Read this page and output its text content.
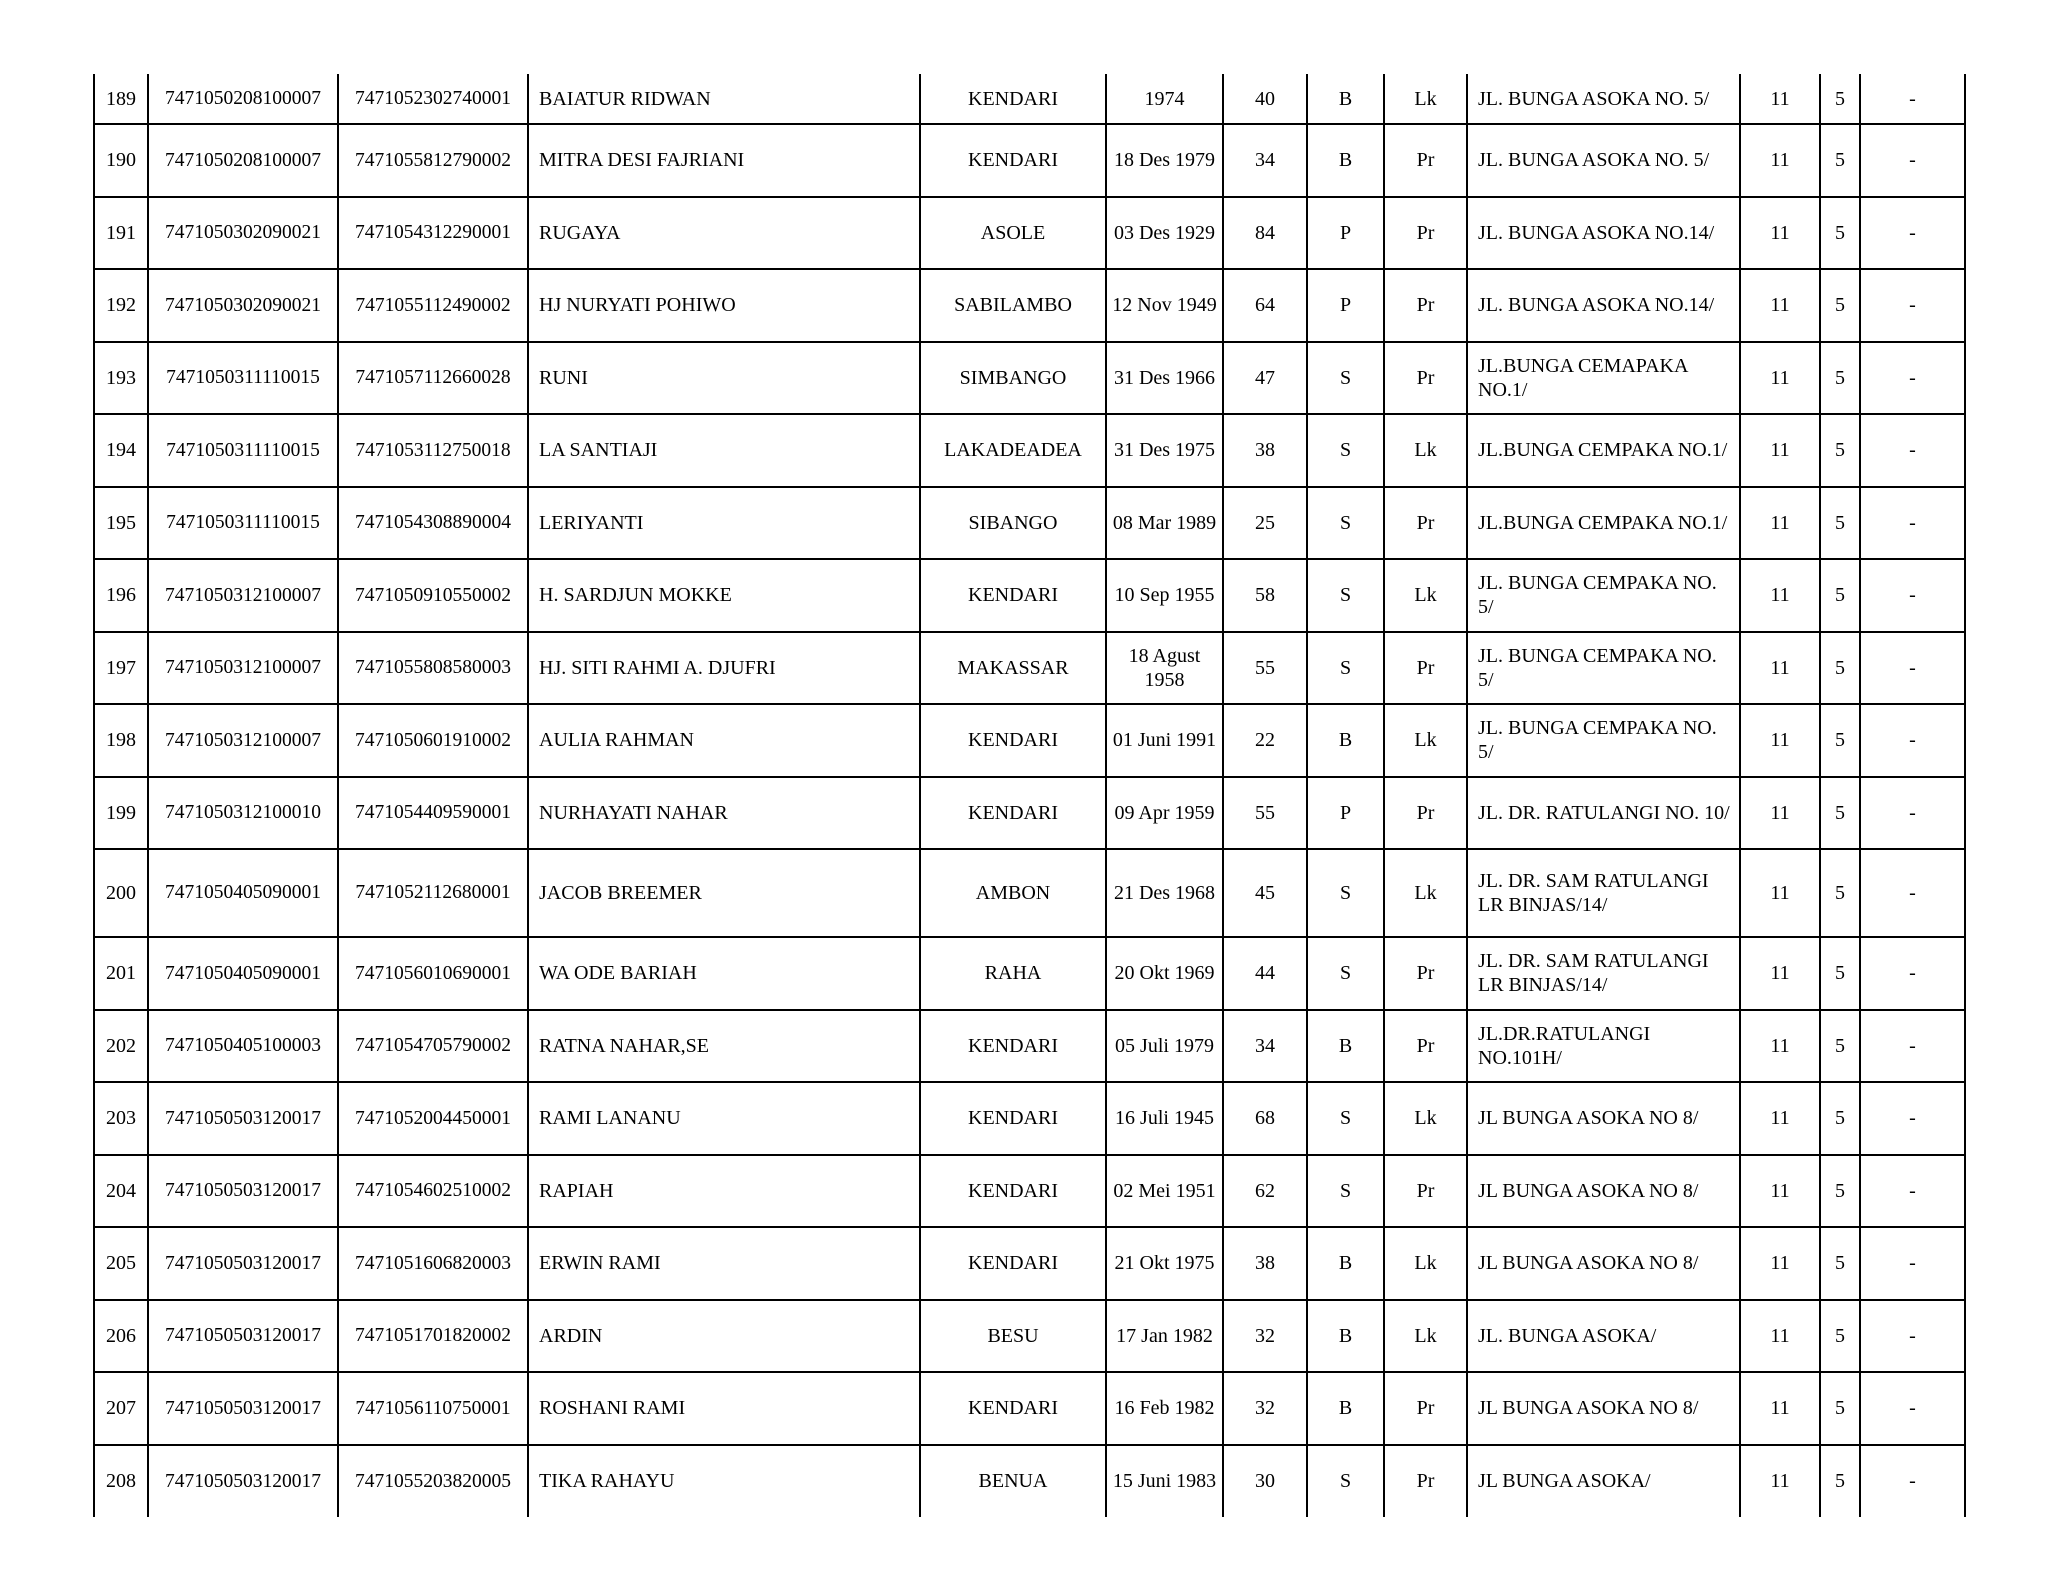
189	7471050208100007	7471052302740001	BAIATUR RIDWAN	KENDARI	1974	40	B	Lk	JL. BUNGA ASOKA NO. 5/	11	5	-
190	7471050208100007	7471055812790002	MITRA DESI FAJRIANI	KENDARI	18 Des 1979	34	B	Pr	JL. BUNGA ASOKA NO. 5/	11	5	-
191	7471050302090021	7471054312290001	RUGAYA	ASOLE	03 Des 1929	84	P	Pr	JL. BUNGA ASOKA NO.14/	11	5	-
192	7471050302090021	7471055112490002	HJ NURYATI POHIWO	SABILAMBO	12 Nov 1949	64	P	Pr	JL. BUNGA ASOKA NO.14/	11	5	-
193	7471050311110015	7471057112660028	RUNI	SIMBANGO	31 Des 1966	47	S	Pr	JL.BUNGA CEMAPAKA NO.1/	11	5	-
194	7471050311110015	7471053112750018	LA SANTIAJI	LAKADEADEA	31 Des 1975	38	S	Lk	JL.BUNGA CEMPAKA NO.1/	11	5	-
195	7471050311110015	7471054308890004	LERIYANTI	SIBANGO	08 Mar 1989	25	S	Pr	JL.BUNGA CEMPAKA NO.1/	11	5	-
196	7471050312100007	7471050910550002	H. SARDJUN MOKKE	KENDARI	10 Sep 1955	58	S	Lk	JL. BUNGA CEMPAKA NO. 5/	11	5	-
197	7471050312100007	7471055808580003	HJ. SITI RAHMI A. DJUFRI	MAKASSAR	18 Agust 1958	55	S	Pr	JL. BUNGA CEMPAKA NO. 5/	11	5	-
198	7471050312100007	7471050601910002	AULIA RAHMAN	KENDARI	01 Juni 1991	22	B	Lk	JL. BUNGA CEMPAKA NO. 5/	11	5	-
199	7471050312100010	7471054409590001	NURHAYATI NAHAR	KENDARI	09 Apr 1959	55	P	Pr	JL. DR. RATULANGI NO. 10/	11	5	-
200	7471050405090001	7471052112680001	JACOB BREEMER	AMBON	21 Des 1968	45	S	Lk	JL. DR. SAM RATULANGI LR BINJAS/14/	11	5	-
201	7471050405090001	7471056010690001	WA ODE BARIAH	RAHA	20 Okt 1969	44	S	Pr	JL. DR. SAM RATULANGI LR BINJAS/14/	11	5	-
202	7471050405100003	7471054705790002	RATNA NAHAR,SE	KENDARI	05 Juli 1979	34	B	Pr	JL.DR.RATULANGI NO.101H/	11	5	-
203	7471050503120017	7471052004450001	RAMI LANANU	KENDARI	16 Juli 1945	68	S	Lk	JL BUNGA ASOKA NO 8/	11	5	-
204	7471050503120017	7471054602510002	RAPIAH	KENDARI	02 Mei 1951	62	S	Pr	JL BUNGA ASOKA NO 8/	11	5	-
205	7471050503120017	7471051606820003	ERWIN RAMI	KENDARI	21 Okt 1975	38	B	Lk	JL BUNGA ASOKA NO 8/	11	5	-
206	7471050503120017	7471051701820002	ARDIN	BESU	17 Jan 1982	32	B	Lk	JL. BUNGA ASOKA/	11	5	-
207	7471050503120017	7471056110750001	ROSHANI RAMI	KENDARI	16 Feb 1982	32	B	Pr	JL BUNGA ASOKA NO 8/	11	5	-
208	7471050503120017	7471055203820005	TIKA RAHAYU	BENUA	15 Juni 1983	30	S	Pr	JL BUNGA ASOKA/	11	5	-
